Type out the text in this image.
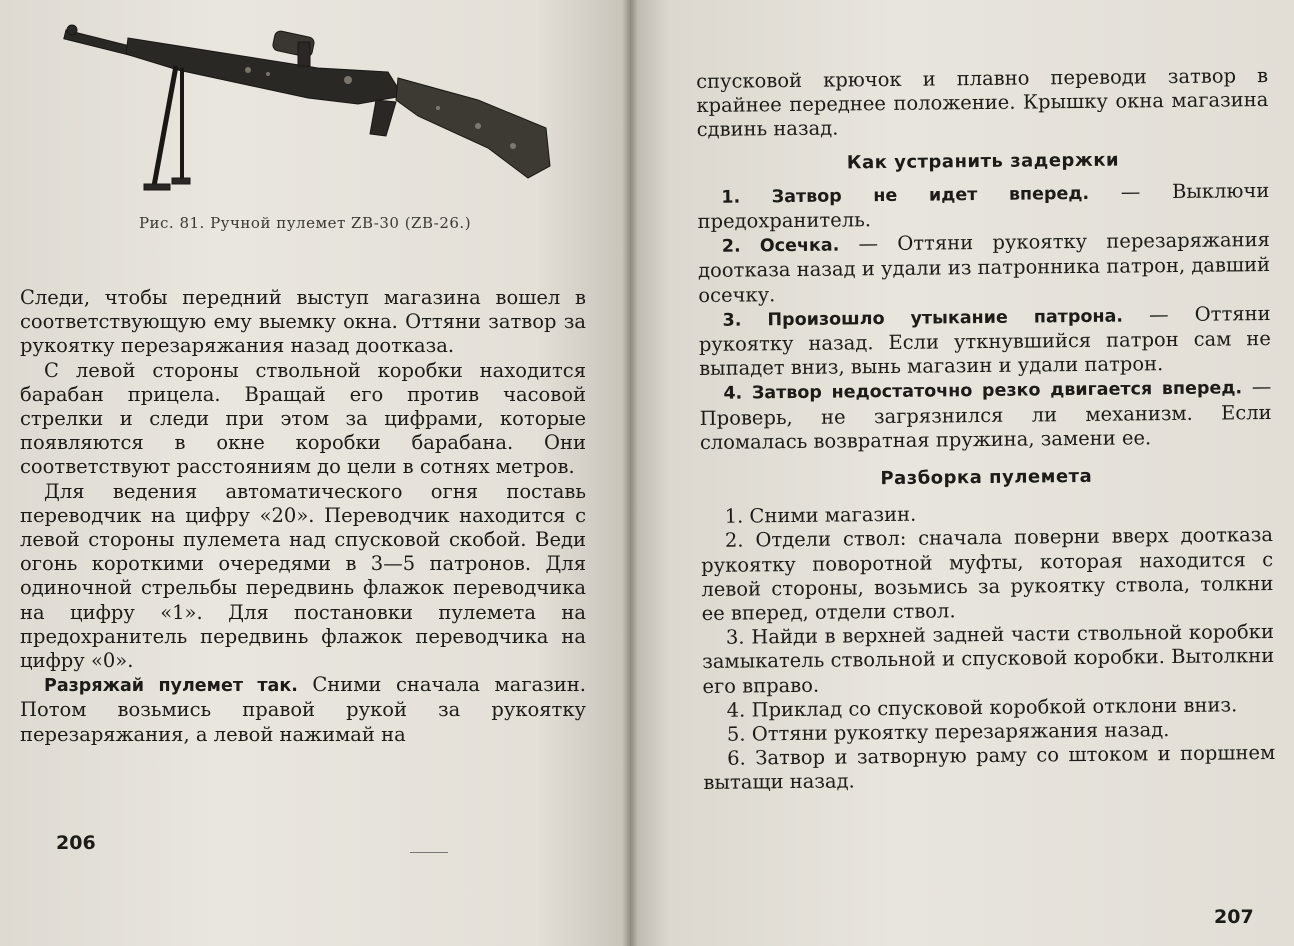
Рис. 81. Ручной пулемет ZB-30 (ZB-26.)

Следи, чтобы передний выступ магазина вошел в соответствующую ему выемку окна. Оттяни затвор за рукоятку перезаряжания назад доотказа.

С левой стороны ствольной коробки находится барабан прицела. Вращай его против часовой стрелки и следи при этом за цифрами, которые появляются в окне коробки барабана. Они соответствуют расстояниям до цели в сотнях метров.

Для ведения автоматического огня поставь переводчик на цифру «20». Переводчик находится с левой стороны пулемета над спусковой скобой. Веди огонь короткими очередями в 3—5 патронов. Для одиночной стрельбы передвинь флажок переводчика на цифру «1». Для постановки пулемета на предохранитель передвинь флажок переводчика на цифру «0».

Разряжай пулемет так. Сними сначала магазин. Потом возьмись правой рукой за рукоятку перезаряжания, а левой нажимай на

206

спусковой крючок и плавно переводи затвор в крайнее переднее положение. Крышку окна магазина сдвинь назад.

Как устранить задержки

1. Затвор не идет вперед. — Выключи предохранитель.

2. Осечка. — Оттяни рукоятку перезаряжания доотказа назад и удали из патронника патрон, давший осечку.

3. Произошло утыкание патрона. — Оттяни рукоятку назад. Если уткнувшийся патрон сам не выпадет вниз, вынь магазин и удали патрон.

4. Затвор недостаточно резко двигается вперед. — Проверь, не загрязнился ли механизм. Если сломалась возвратная пружина, замени ее.

Разборка пулемета

1. Сними магазин.

2. Отдели ствол: сначала поверни вверх доотказа рукоятку поворотной муфты, которая находится с левой стороны, возьмись за рукоятку ствола, толкни ее вперед, отдели ствол.

3. Найди в верхней задней части ствольной коробки замыкатель ствольной и спусковой коробки. Вытолкни его вправо.

4. Приклад со спусковой коробкой отклони вниз.

5. Оттяни рукоятку перезаряжания назад.

6. Затвор и затворную раму со штоком и поршнем вытащи назад.

207
